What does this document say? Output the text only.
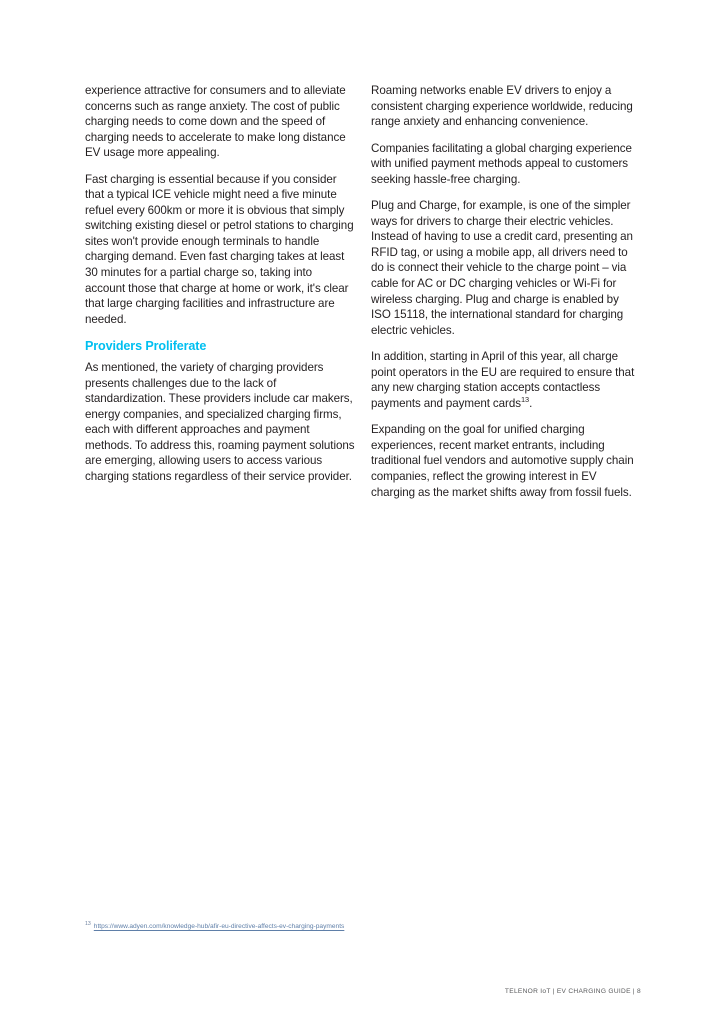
experience attractive for consumers and to alleviate concerns such as range anxiety. The cost of public charging needs to come down and the speed of charging needs to accelerate to make long distance EV usage more appealing.

Fast charging is essential because if you consider that a typical ICE vehicle might need a five minute refuel every 600km or more it is obvious that simply switching existing diesel or petrol stations to charging sites won't provide enough terminals to handle charging demand. Even fast charging takes at least 30 minutes for a partial charge so, taking into account those that charge at home or work, it's clear that large charging facilities and infrastructure are needed.

Providers Proliferate

As mentioned, the variety of charging providers presents challenges due to the lack of standardization. These providers include car makers, energy companies, and specialized charging firms, each with different approaches and payment methods. To address this, roaming payment solutions are emerging, allowing users to access various charging stations regardless of their service provider.

Roaming networks enable EV drivers to enjoy a consistent charging experience worldwide, reducing range anxiety and enhancing convenience.

Companies facilitating a global charging experience with unified payment methods appeal to customers seeking hassle-free charging.

Plug and Charge, for example, is one of the simpler ways for drivers to charge their electric vehicles. Instead of having to use a credit card, presenting an RFID tag, or using a mobile app, all drivers need to do is connect their vehicle to the charge point – via cable for AC or DC charging vehicles or Wi-Fi for wireless charging. Plug and charge is enabled by ISO 15118, the international standard for charging electric vehicles.

In addition, starting in April of this year, all charge point operators in the EU are required to ensure that any new charging station accepts contactless payments and payment cards$^{13}$.

Expanding on the goal for unified charging experiences, recent market entrants, including traditional fuel vendors and automotive supply chain companies, reflect the growing interest in EV charging as the market shifts away from fossil fuels.

$^{13}$ https://www.adyen.com/knowledge-hub/afir-eu-directive-affects-ev-charging-payments
TELENOR IoT | EV CHARGING GUIDE | 8
